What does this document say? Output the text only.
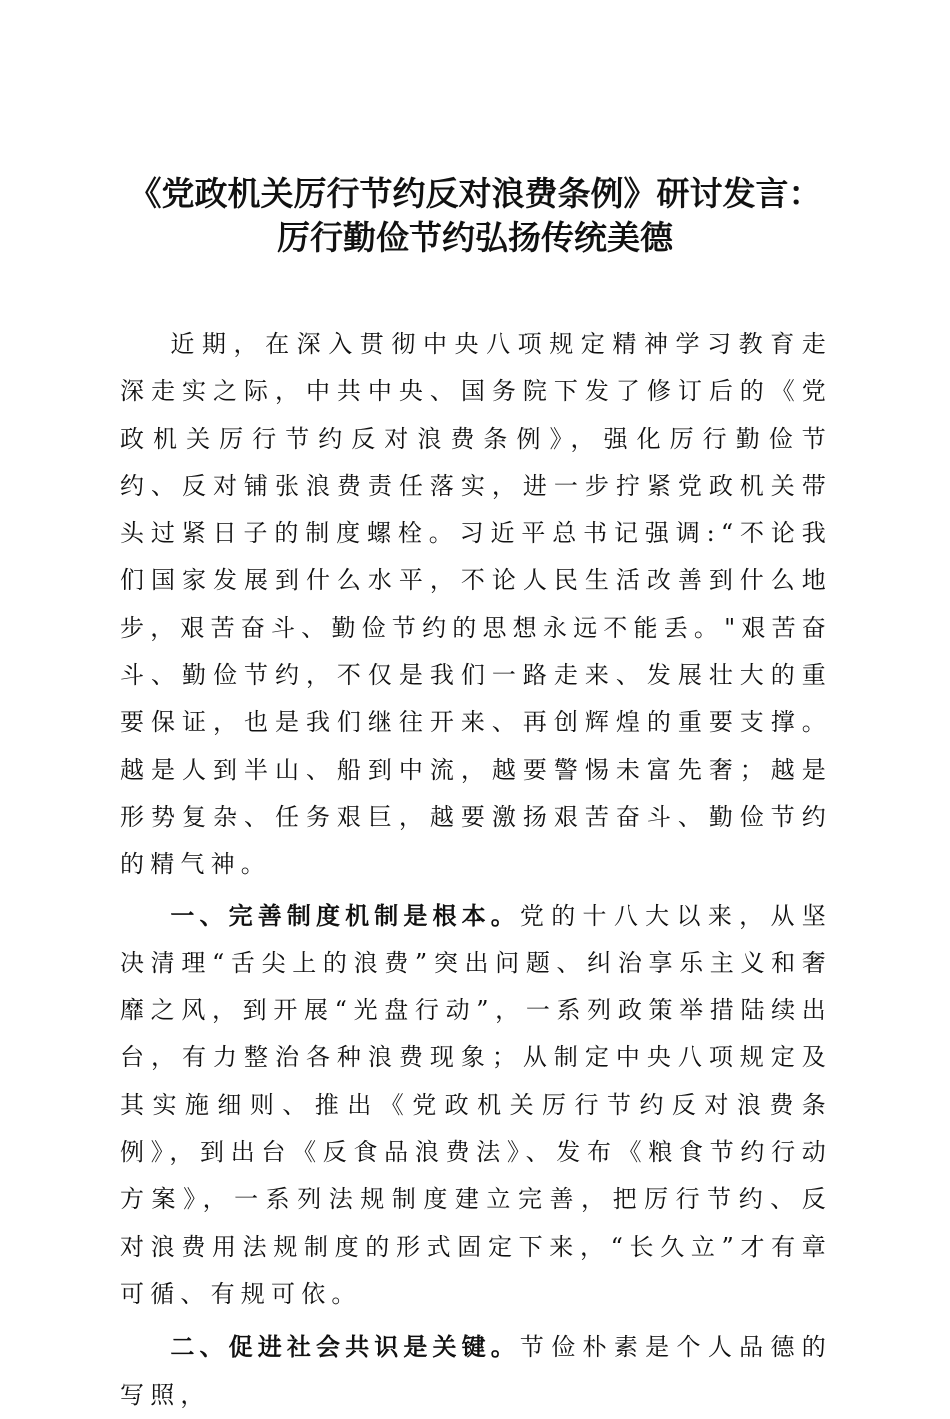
《党政机关厉行节约反对浪费条例》研讨发言：
厉行勤俭节约弘扬传统美德

近期，在深入贯彻中央八项规定精神学习教育走深走实之际，中共中央、国务院下发了修订后的《党政机关厉行节约反对浪费条例》，强化厉行勤俭节约、反对铺张浪费责任落实，进一步拧紧党政机关带头过紧日子的制度螺栓。习近平总书记强调:“不论我们国家发展到什么水平，不论人民生活改善到什么地步，艰苦奋斗、勤俭节约的思想永远不能丢。"艰苦奋斗、勤俭节约，不仅是我们一路走来、发展壮大的重要保证，也是我们继往开来、再创辉煌的重要支撑。越是人到半山、船到中流，越要警惕未富先奢；越是形势复杂、任务艰巨，越要激扬艰苦奋斗、勤俭节约的精气神。

一、完善制度机制是根本。党的十八大以来，从坚决清理“舌尖上的浪费”突出问题、纠治享乐主义和奢靡之风，到开展“光盘行动”，一系列政策举措陆续出台，有力整治各种浪费现象；从制定中央八项规定及其实施细则、推出《党政机关厉行节约反对浪费条例》，到出台《反食品浪费法》、发布《粮食节约行动方案》，一系列法规制度建立完善，把厉行节约、反对浪费用法规制度的形式固定下来，“长久立”才有章可循、有规可依。

二、促进社会共识是关键。节俭朴素是个人品德的写照，
